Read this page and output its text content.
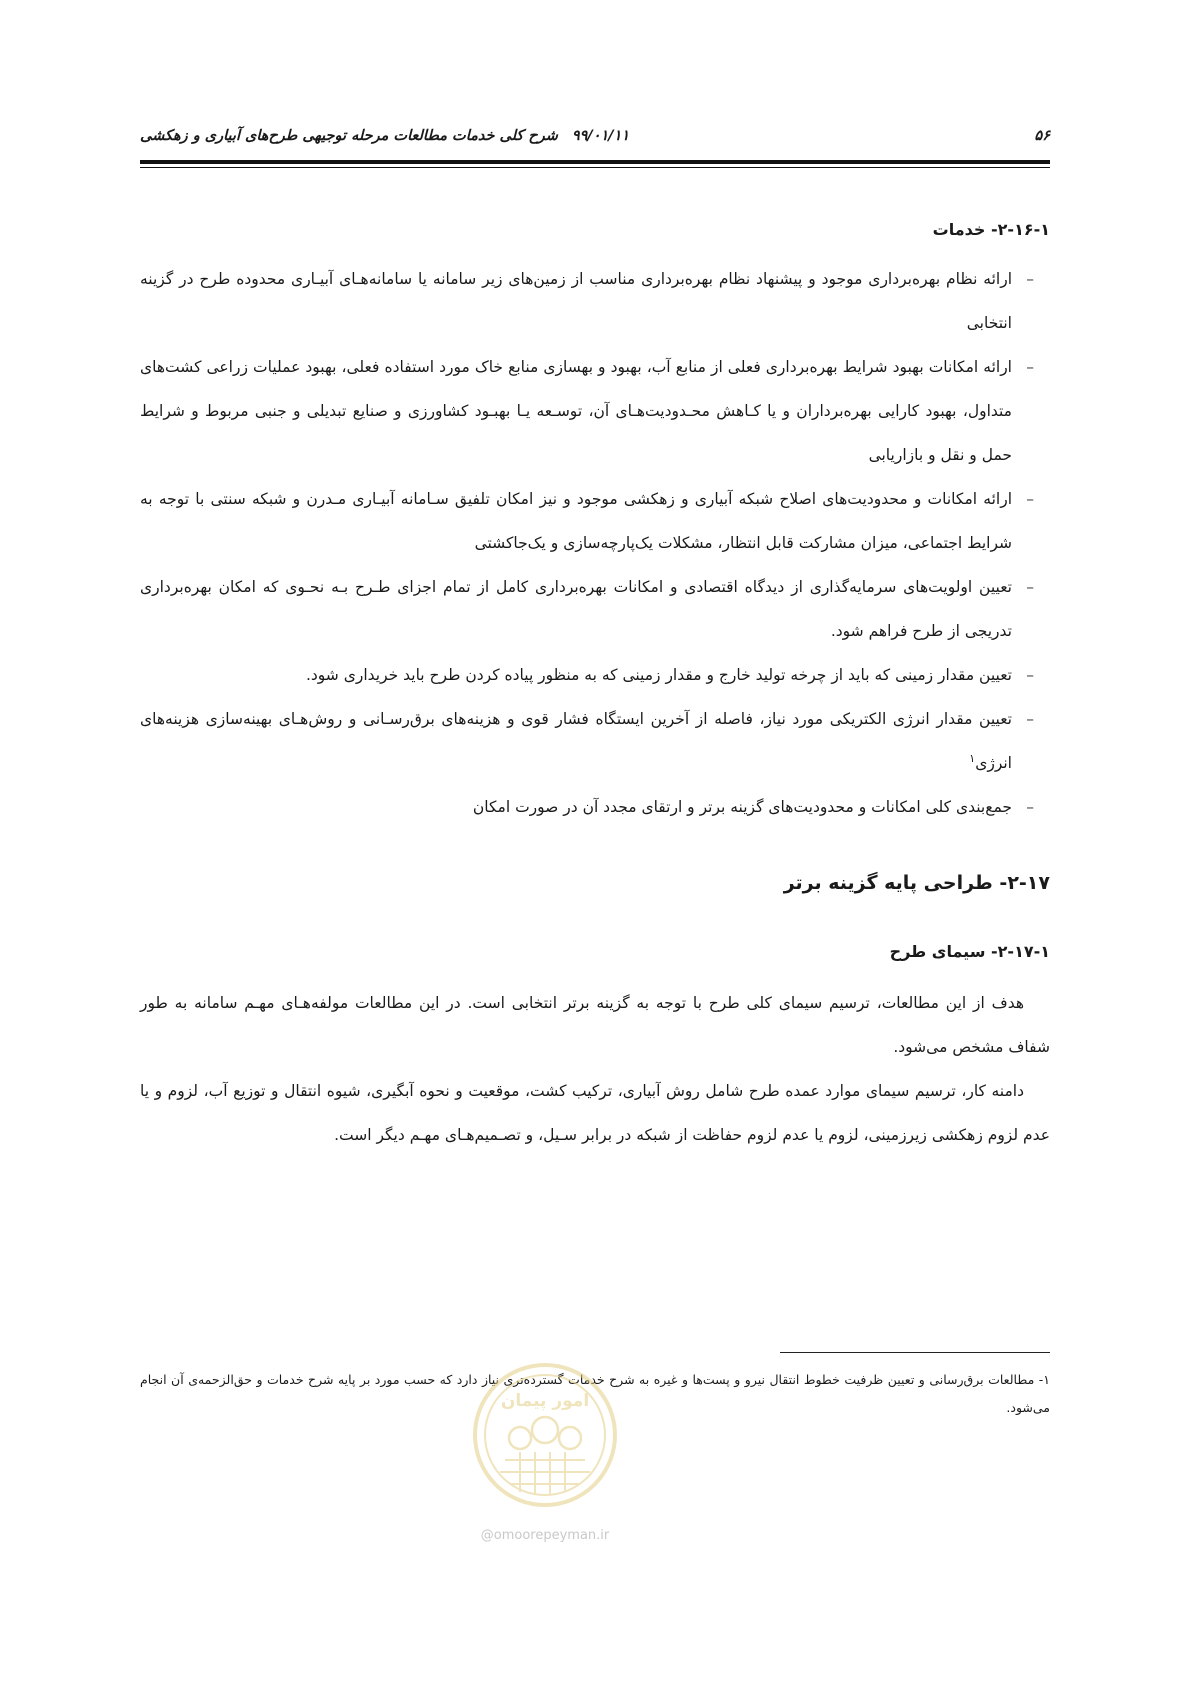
۵۶
۹۹/۰۱/۱۱شرح کلی خدمات مطالعات مرحله توجیهی طرح‌های آبیاری و زهکشی
۲-۱۶-۱- خدمات
–
ارائه نظام بهره‌برداری موجود و پیشنهاد نظام بهره‌برداری مناسب از زمین‌های زیر سامانه یا سامانه‌هـای آبیـاری محدوده طرح در گزینه انتخابی
–
ارائه امکانات بهبود شرایط بهره‌برداری فعلی از منابع آب، بهبود و بهسازی منابع خاک مورد استفاده فعلی، بهبود عملیات زراعی کشت‌های متداول، بهبود کارایی بهره‌برداران و یا کـاهش محـدودیت‌هـای آن، توسـعه یـا بهبـود کشاورزی و صنایع تبدیلی و جنبی مربوط و شرایط حمل و نقل و بازاریابی
–
ارائه امکانات و محدودیت‌های اصلاح شبکه آبیاری و زهکشی موجود و نیز امکان تلفیق سـامانه آبیـاری مـدرن و شبکه سنتی با توجه به شرایط اجتماعی، میزان مشارکت قابل انتظار، مشکلات یک‌پارچه‌سازی و یک‌جاکشتی
–
تعیین اولویت‌های سرمایه‌گذاری از دیدگاه اقتصادی و امکانات بهره‌برداری کامل از تمام اجزای طـرح بـه نحـوی که امکان بهره‌برداری تدریجی از طرح فراهم شود.
–
تعیین مقدار زمینی که باید از چرخه تولید خارج و مقدار زمینی که به منظور پیاده کردن طرح باید خریداری شود.
–
تعیین مقدار انرژی الکتریکی مورد نیاز، فاصله از آخرین ایستگاه فشار قوی و هزینه‌های برق‌رسـانی و روش‌هـای بهینه‌سازی هزینه‌های انرژی$^۱$
–
جمع‌بندی کلی امکانات و محدودیت‌های گزینه برتر و ارتقای مجدد آن در صورت امکان
۲-۱۷- طراحی پایه گزینه برتر
۲-۱۷-۱- سیمای طرح

هدف از این مطالعات، ترسیم سیمای کلی طرح با توجه به گزینه برتر انتخابی است. در این مطالعات مولفه‌هـای مهـم سامانه به طور شفاف مشخص می‌شود.

دامنه کار، ترسیم سیمای موارد عمده طرح شامل روش آبیاری، ترکیب کشت، موقعیت و نحوه آبگیری، شیوه انتقال و توزیع آب، لزوم و یا عدم لزوم زهکشی زیرزمینی، لزوم یا عدم لزوم حفاظت از شبکه در برابر سـیل، و تصـمیم‌هـای مهـم دیگر است.

۱- مطالعات برق‌رسانی و تعیین ظرفیت خطوط انتقال نیرو و پست‌ها و غیره به شرح خدمات گسترده‌تری نیاز دارد که حسب مورد بر پایه شرح خدمات و حق‌الزحمه‌ی آن انجام می‌شود.
امور پیمان
@omoorepeyman.ir
